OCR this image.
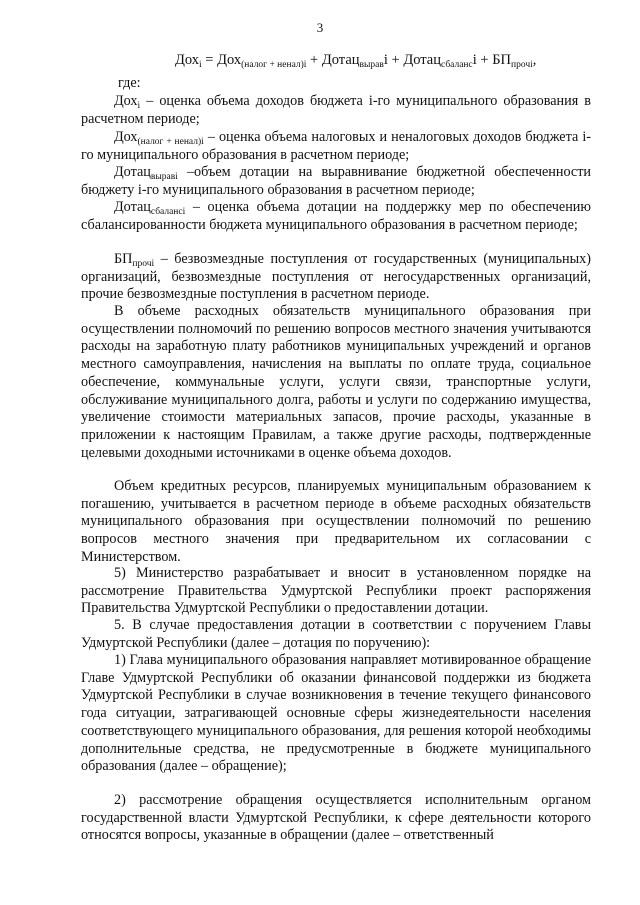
3
Дох$_i$ = Дох$_{(налог + ненал)i}$ + Дотац$_{вырав}$i + Дотац$_{сбаланс}$i + $БП_{прочi}$,
где:
Дох$_i$ – оценка объема доходов бюджета i-го муниципального образования в расчетном периоде;
Дох$_{(налог + ненал)i}$ – оценка объема налоговых и неналоговых доходов бюджета i-го муниципального образования в расчетном периоде;
Дотац$_{выравi}$ –объем дотации на выравнивание бюджетной обеспеченности бюджету i-го муниципального образования в расчетном периоде;
Дотац$_{сбалансi}$ – оценка объема дотации на поддержку мер по обеспечению сбалансированности бюджета муниципального образования в расчетном периоде;
$БП_{прочi}$ – безвозмездные поступления от государственных (муниципальных) организаций, безвозмездные поступления от негосударственных организаций, прочие безвозмездные поступления в расчетном периоде.

В объеме расходных обязательств муниципального образования при осуществлении полномочий по решению вопросов местного значения учитываются расходы на заработную плату работников муниципальных учреждений и органов местного самоуправления, начисления на выплаты по оплате труда, социальное обеспечение, коммунальные услуги, услуги связи, транспортные услуги, обслуживание муниципального долга, работы и услуги по содержанию имущества, увеличение стоимости материальных запасов, прочие расходы, указанные в приложении к настоящим Правилам, а также другие расходы, подтвержденные целевыми доходными источниками в оценке объема доходов.

Объем кредитных ресурсов, планируемых муниципальным образованием к погашению, учитывается в расчетном периоде в объеме расходных обязательств муниципального образования при осуществлении полномочий по решению вопросов местного значения при предварительном их согласовании с Министерством.

5) Министерство разрабатывает и вносит в установленном порядке на рассмотрение Правительства Удмуртской Республики проект распоряжения Правительства Удмуртской Республики о предоставлении дотации.

5. В случае предоставления дотации в соответствии с поручением Главы Удмуртской Республики (далее – дотация по поручению):

1) Глава муниципального образования направляет мотивированное обращение Главе Удмуртской Республики об оказании финансовой поддержки из бюджета Удмуртской Республики в случае возникновения в течение текущего финансового года ситуации, затрагивающей основные сферы жизнедеятельности населения соответствующего муниципального образования, для решения которой необходимы дополнительные средства, не предусмотренные в бюджете муниципального образования (далее – обращение);

2) рассмотрение обращения осуществляется исполнительным органом государственной власти Удмуртской Республики, к сфере деятельности которого относятся вопросы, указанные в обращении (далее – ответственный
